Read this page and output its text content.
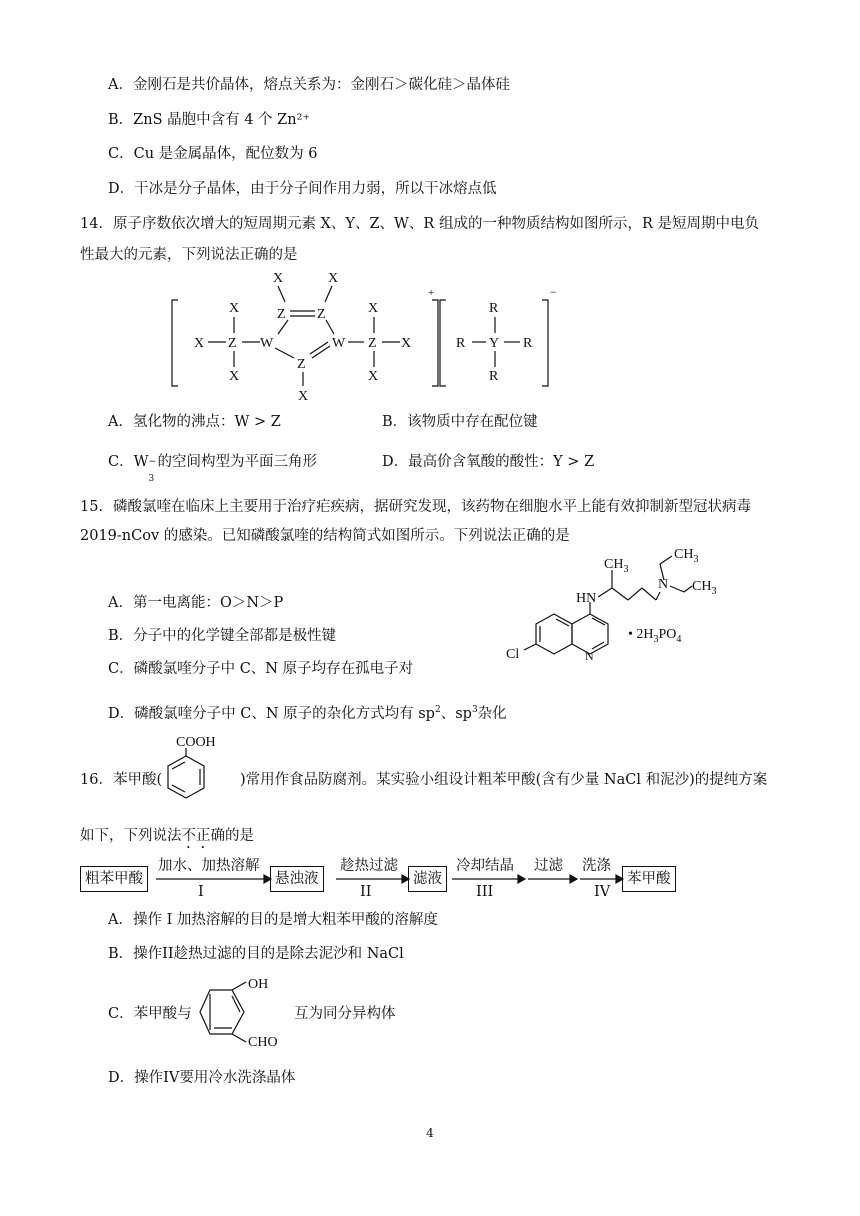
A．金刚石是共价晶体，熔点关系为：金刚石＞碳化硅＞晶体硅
B．ZnS 晶胞中含有 4 个 Zn²⁺
C．Cu 是金属晶体，配位数为 6
D．干冰是分子晶体，由于分子间作用力弱，所以干冰熔点低
14．原子序数依次增大的短周期元素 X、Y、Z、W、R 组成的一种物质结构如图所示，R 是短周期中电负
性最大的元素，下列说法正确的是
X	X
X	X
X	X
X	X
X
Z	Z
Z Z
Z
W	W	Y
R	R
R
R
+	−
A．氢化物的沸点：W > Z	B．该物质中存在配位键
C．W −
3
的空间构型为平面三角形	D．最高价含氧酸的酸性：Y > Z
15．磷酸氯喹在临床上主要用于治疗疟疾病，据研究发现，该药物在细胞水平上能有效抑制新型冠状病毒
2019-nCov 的感染。已知磷酸氯喹的结构简式如图所示。下列说法正确的是
$CH_3$
$CH_3$
$CH_3$
N
HN
Cl	N
• $2H_3PO_4$
A．第一电离能：O＞N＞P
B．分子中的化学键全部都是极性键
C．磷酸氯喹分子中 C、N 原子均存在孤电子对
D．磷酸氯喹分子中 C、N 原子的杂化方式均有 $sp^2$、$sp^3$杂化
16．苯甲酸(
COOH
)常用作食品防腐剂。某实验小组设计粗苯甲酸(含有少量 NaCl 和泥沙)的提纯方案
如下，下列说法不正确的是
粗苯甲酸	悬浊液	滤液	苯甲酸
加水、加热溶解
I
趁热过滤
II
冷却结晶
III
过滤 洗涤
IV
A．操作 I 加热溶解的目的是增大粗苯甲酸的溶解度
B．操作II趁热过滤的目的是除去泥沙和 NaCl
C．苯甲酸与
OH
CHO
互为同分异构体
D．操作IV要用冷水洗涤晶体
4
